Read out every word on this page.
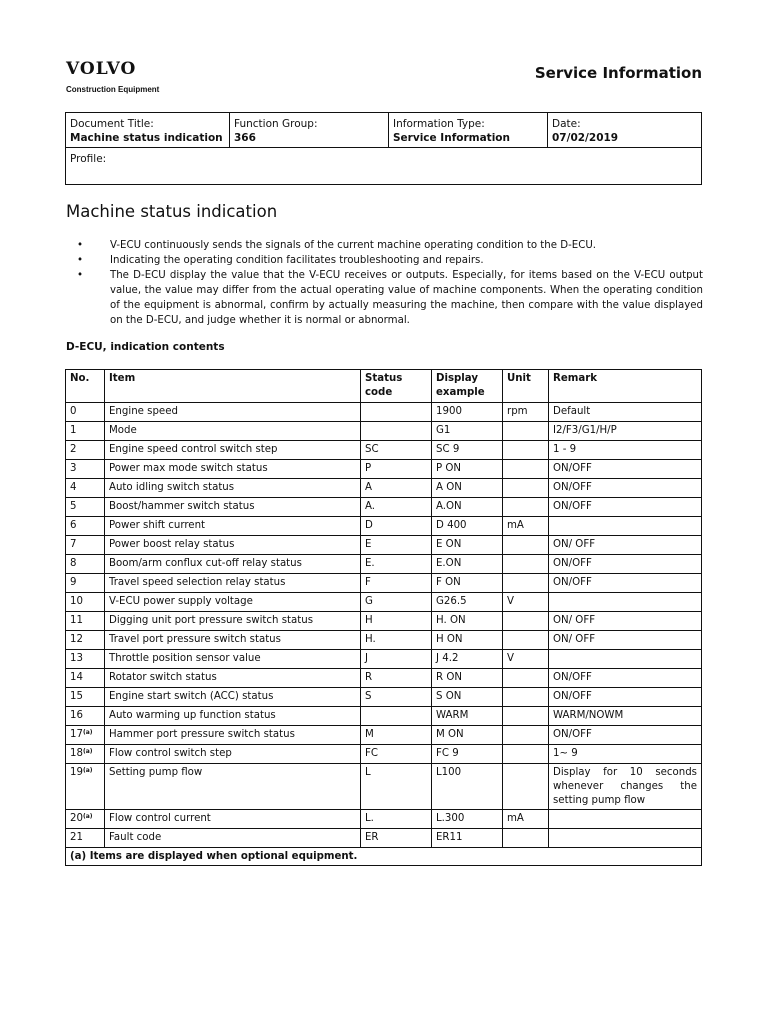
VOLVO
Construction Equipment
Service Information
Document Title:
Machine status indication

Function Group:
366

Information Type:
Service Information

Date:
07/02/2019

Profile:
Machine status indication
•	V-ECU continuously sends the signals of the current machine operating condition to the D-ECU.
•	Indicating the operating condition facilitates troubleshooting and repairs.
•	The D-ECU display the value that the V-ECU receives or outputs. Especially, for items based on the V-ECU output value, the value may differ from the actual operating value of machine components. When the operating condition of the equipment is abnormal, confirm by actually measuring the machine, then compare with the value displayed on the D-ECU, and judge whether it is normal or abnormal.
D-ECU, indication contents
No.	Item	Status code	Display example	Unit	Remark
0	Engine speed		1900	rpm	Default
1	Mode		G1		I2/F3/G1/H/P
2	Engine speed control switch step	SC	SC 9		1 - 9
3	Power max mode switch status	P	P ON		ON/OFF
4	Auto idling switch status	A	A ON		ON/OFF
5	Boost/hammer switch status	A.	A.ON		ON/OFF
6	Power shift current	D	D 400	mA	
7	Power boost relay status	E	E ON		ON/ OFF
8	Boom/arm conflux cut-off relay status	E.	E.ON		ON/OFF
9	Travel speed selection relay status	F	F ON		ON/OFF
10	V-ECU power supply voltage	G	G26.5	V	
11	Digging unit port pressure switch status	H	H. ON		ON/ OFF
12	Travel port pressure switch status	H.	H ON		ON/ OFF
13	Throttle position sensor value	J	J 4.2	V	
14	Rotator switch status	R	R ON		ON/OFF
15	Engine start switch (ACC) status	S	S ON		ON/OFF
16	Auto warming up function status		WARM		WARM/NOWM
17$^{(a)}$	Hammer port pressure switch status	M	M ON		ON/OFF
18$^{(a)}$	Flow control switch step	FC	FC 9		1~ 9
19$^{(a)}$	Setting pump flow	L	L100		Display for 10 seconds whenever changes the setting pump flow
20$^{(a)}$	Flow control current	L.	L.300	mA	
21	Fault code	ER	ER11		
(a) Items are displayed when optional equipment.					
